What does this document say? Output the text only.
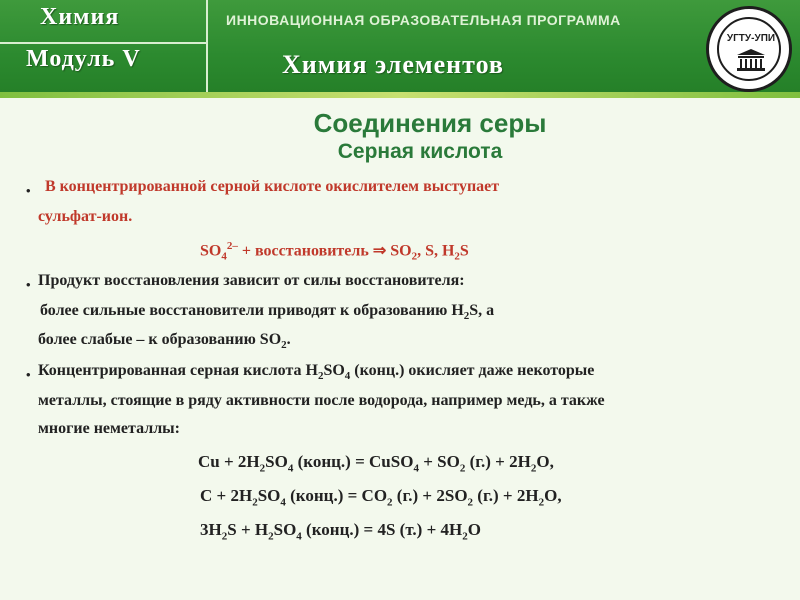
Химия
Модуль V
ИННОВАЦИОННАЯ ОБРАЗОВАТЕЛЬНАЯ ПРОГРАММА
Химия элементов
УГТУ-УПИ
Соединения серы
Серная кислота
• В концентрированной серной кислоте окислителем выступает
сульфат-ион.
$SO_4^{2-}$ + восстановитель ⇒ $SO_2$, S, $H_2S$
• Продукт восстановления зависит от силы восстановителя:
более сильные восстановители приводят к образованию $H_2S$, а
более слабые – к образованию $SO_2$.
• Концентрированная серная кислота $H_2SO_4$ (конц.) окисляет даже некоторые
металлы, стоящие в ряду активности после водорода, например медь, а также
многие неметаллы:
$Cu + 2H_2SO_4$ (конц.) = CuSO$_4$ + $SO_2$ $(г.) + 2H_2O$,
$C + 2H_2SO_4$ (конц.) = $CO_2$ $(г.) + 2SO_2$ $(г.) + 2H_2O$,
$3H_2S + H_2SO_4$ (конц.) = 4S $(т.) + 4H_2O$
